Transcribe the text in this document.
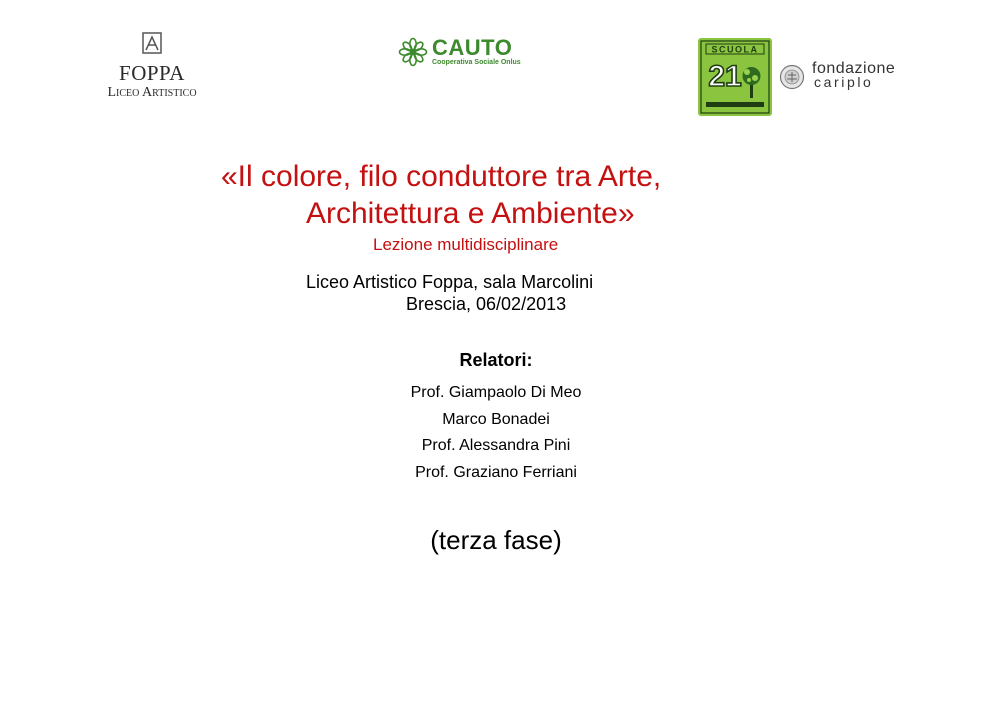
FOPPA
Liceo Artistico
CAUTO
Cooperativa Sociale Onlus
SCUOLA
21	fondazione
cariplo
«Il colore, filo conduttore tra Arte,
Architettura e Ambiente»
Lezione multidisciplinare
Liceo Artistico Foppa, sala Marcolini
Brescia, 06/02/2013
Relatori:
Prof. Giampaolo Di Meo
Marco Bonadei
Prof. Alessandra Pini
Prof. Graziano Ferriani
(terza fase)
